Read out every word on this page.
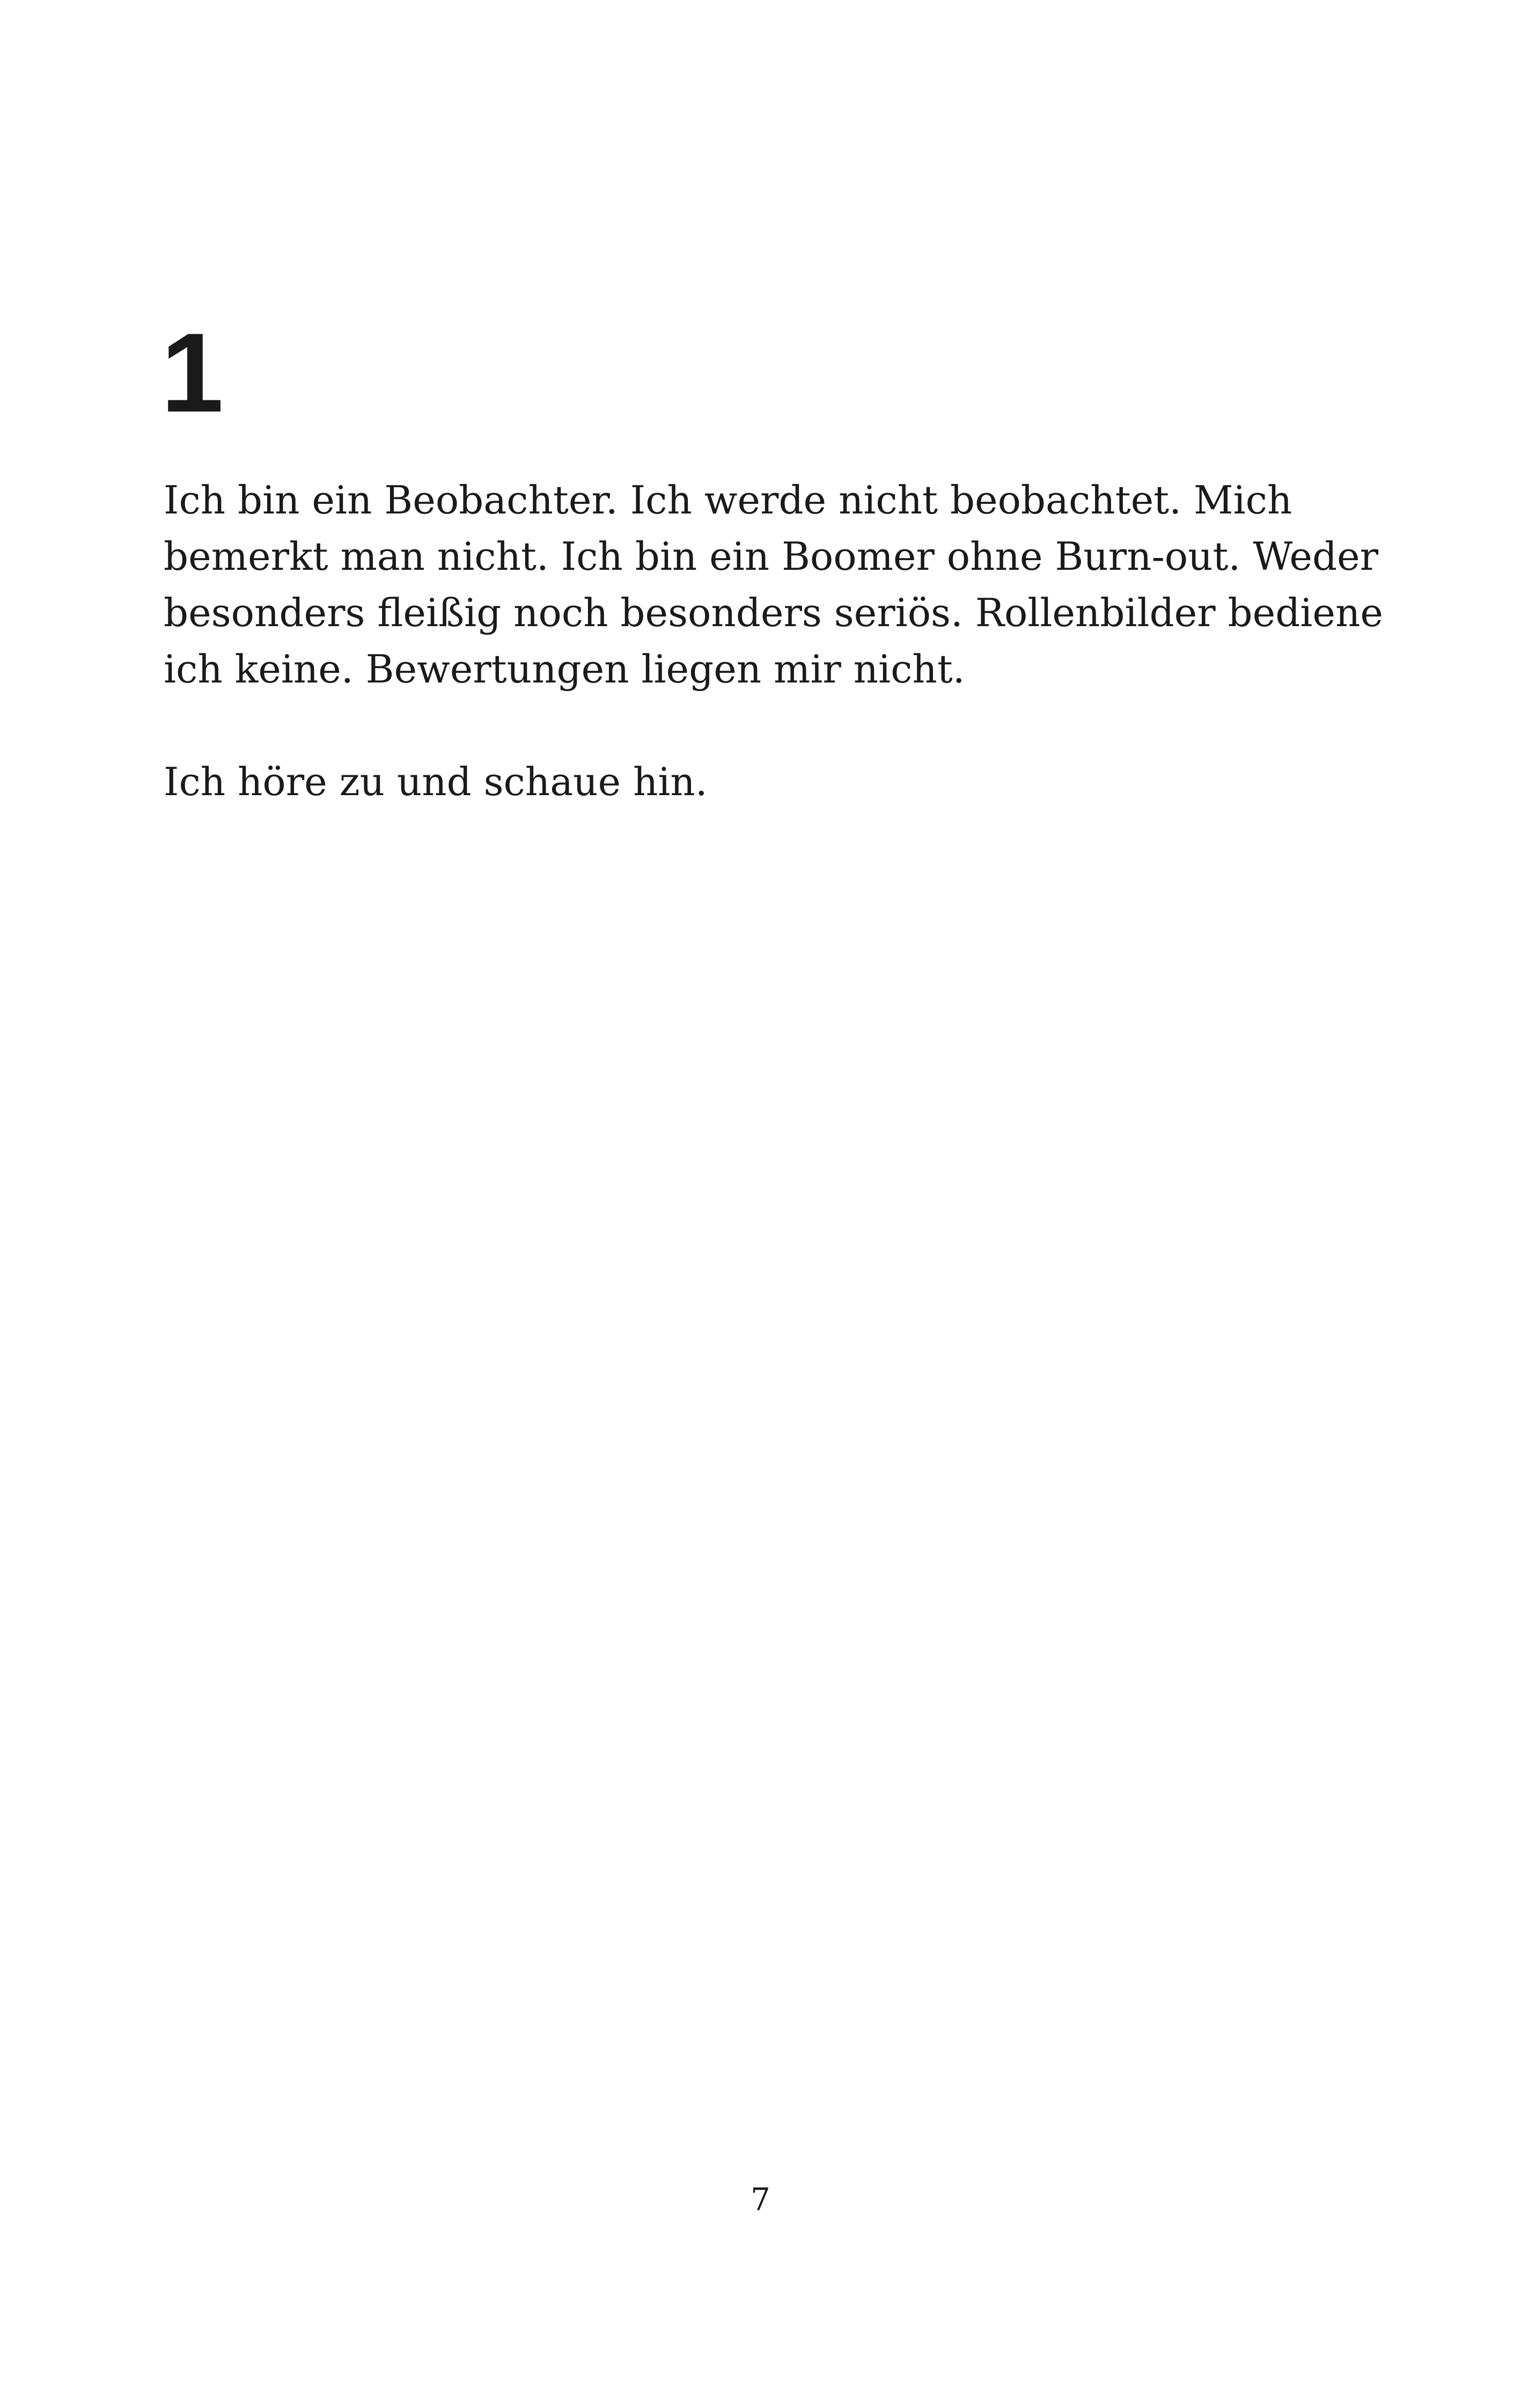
1

Ich bin ein Beobachter. Ich werde nicht beobachtet. Mich
bemerkt man nicht. Ich bin ein Boomer ohne Burn-out. Weder
besonders fleißig noch besonders seriös. Rollenbilder bediene
ich keine. Bewertungen liegen mir nicht.

Ich höre zu und schaue hin.

7
